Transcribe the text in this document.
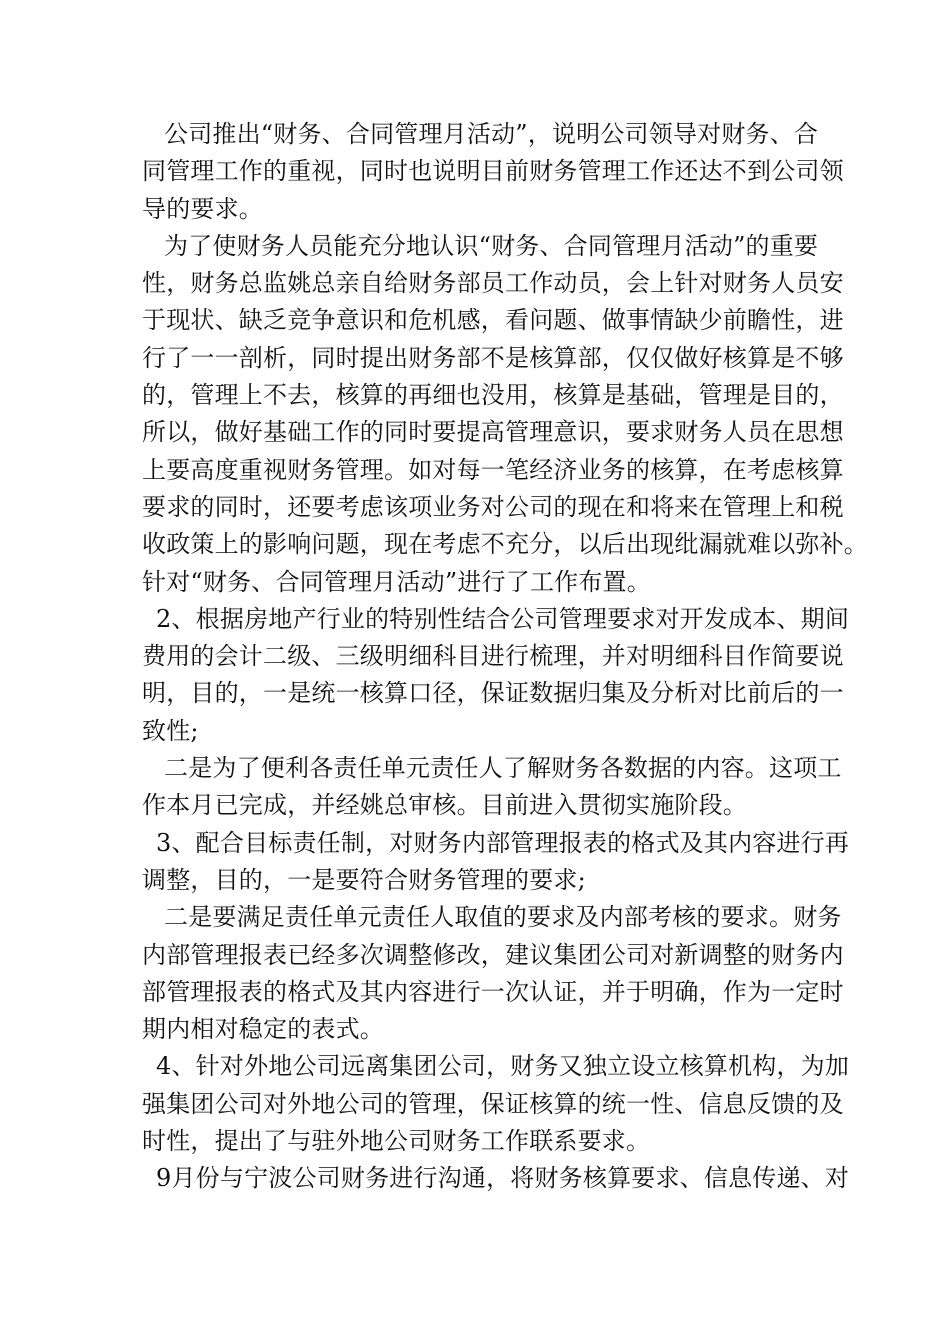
公司推出“财务、合同管理月活动”，说明公司领导对财务、合
同管理工作的重视，同时也说明目前财务管理工作还达不到公司领
导的要求。
为了使财务人员能充分地认识“财务、合同管理月活动”的重要
性，财务总监姚总亲自给财务部员工作动员，会上针对财务人员安
于现状、缺乏竞争意识和危机感，看问题、做事情缺少前瞻性，进
行了一一剖析，同时提出财务部不是核算部，仅仅做好核算是不够
的，管理上不去，核算的再细也没用，核算是基础，管理是目的，
所以，做好基础工作的同时要提高管理意识，要求财务人员在思想
上要高度重视财务管理。如对每一笔经济业务的核算，在考虑核算
要求的同时，还要考虑该项业务对公司的现在和将来在管理上和税
收政策上的影响问题，现在考虑不充分，以后出现纰漏就难以弥补。
针对“财务、合同管理月活动”进行了工作布置。
2、根据房地产行业的特别性结合公司管理要求对开发成本、期间
费用的会计二级、三级明细科目进行梳理，并对明细科目作简要说
明，目的，一是统一核算口径，保证数据归集及分析对比前后的一
致性;
二是为了便利各责任单元责任人了解财务各数据的内容。这项工
作本月已完成，并经姚总审核。目前进入贯彻实施阶段。
3、配合目标责任制，对财务内部管理报表的格式及其内容进行再
调整，目的，一是要符合财务管理的要求;
二是要满足责任单元责任人取值的要求及内部考核的要求。财务
内部管理报表已经多次调整修改，建议集团公司对新调整的财务内
部管理报表的格式及其内容进行一次认证，并于明确，作为一定时
期内相对稳定的表式。
4、针对外地公司远离集团公司，财务又独立设立核算机构，为加
强集团公司对外地公司的管理，保证核算的统一性、信息反馈的及
时性，提出了与驻外地公司财务工作联系要求。
9月份与宁波公司财务进行沟通，将财务核算要求、信息传递、对
